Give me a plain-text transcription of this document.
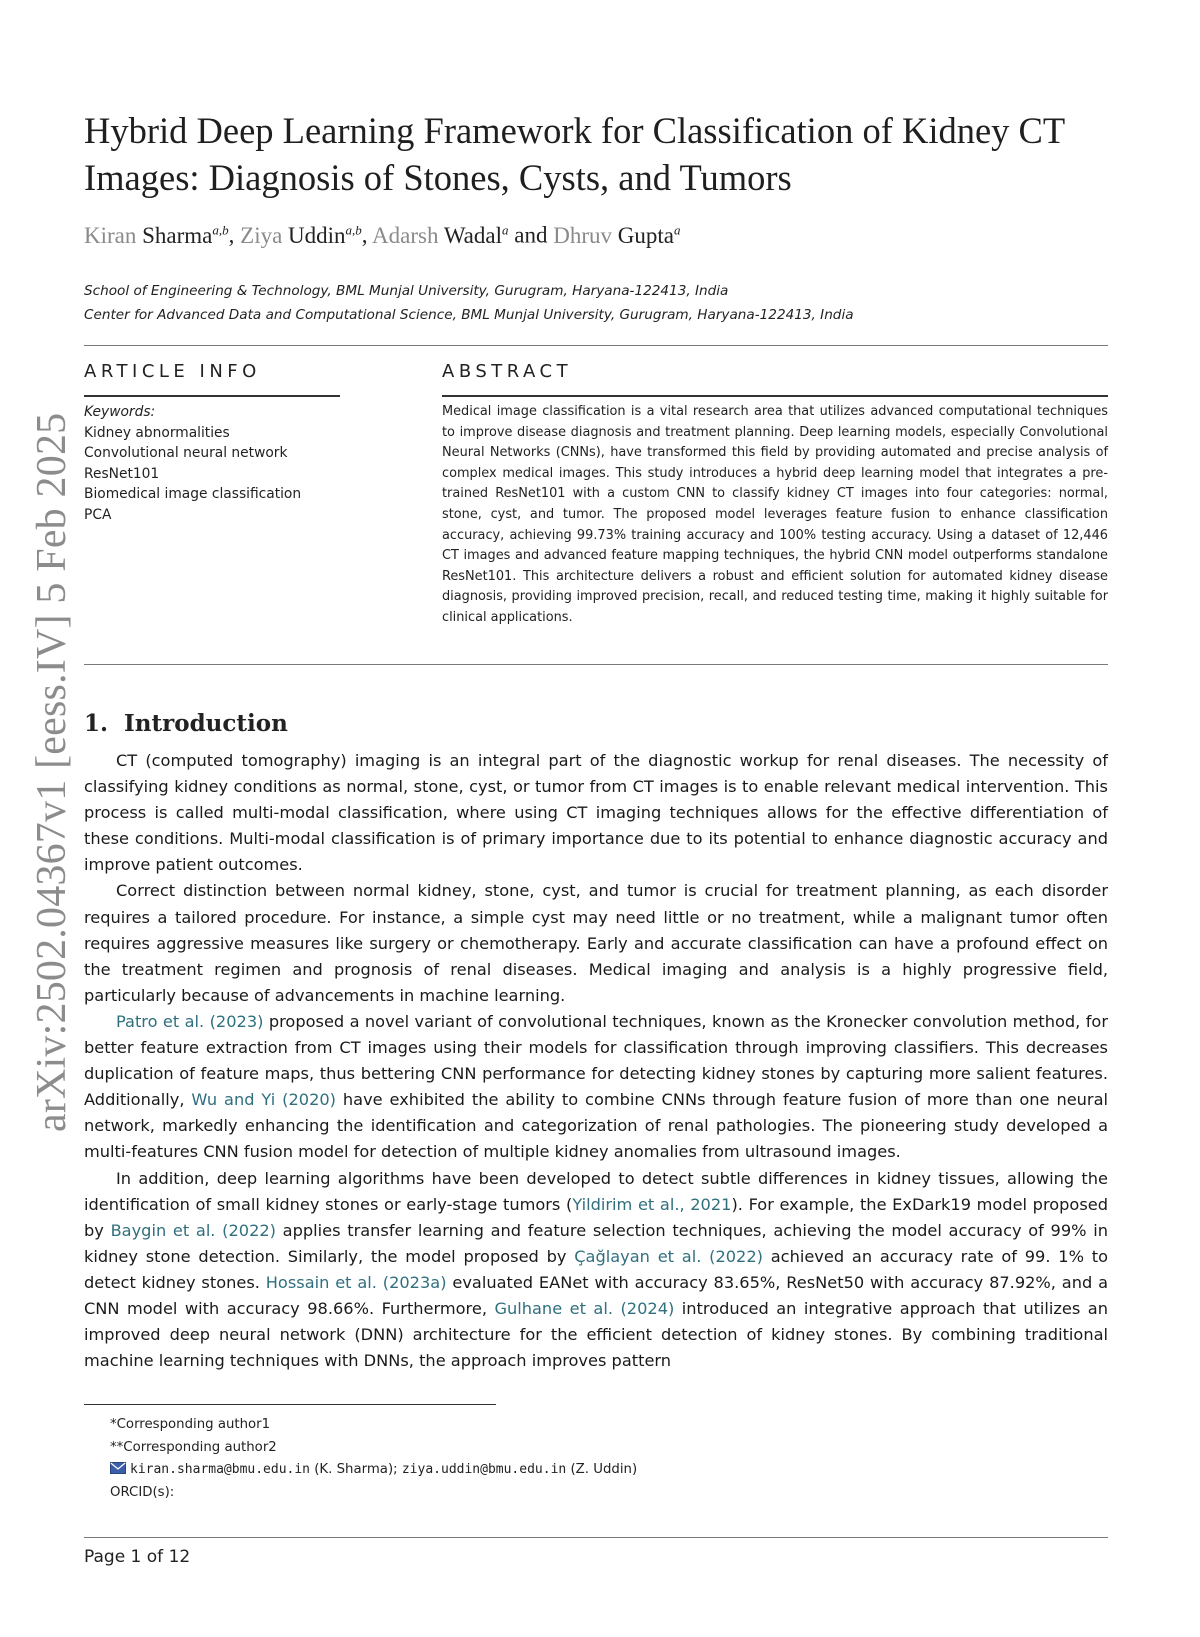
arXiv:2502.04367v1 [eess.IV] 5 Feb 2025
Hybrid Deep Learning Framework for Classification of Kidney CT Images: Diagnosis of Stones, Cysts, and Tumors
Kiran Sharma$^{a,b}$, Ziya Uddin$^{a,b}$, Adarsh Wadal$^a$ and Dhruv Gupta$^a$
School of Engineering & Technology, BML Munjal University, Gurugram, Haryana-122413, India
Center for Advanced Data and Computational Science, BML Munjal University, Gurugram, Haryana-122413, India
ARTICLE INFO
Keywords:
Kidney abnormalities
Convolutional neural network
ResNet101
Biomedical image classification
PCA
ABSTRACT

Medical image classification is a vital research area that utilizes advanced computational techniques to improve disease diagnosis and treatment planning. Deep learning models, especially Convolutional Neural Networks (CNNs), have transformed this field by providing automated and precise analysis of complex medical images. This study introduces a hybrid deep learning model that integrates a pre-trained ResNet101 with a custom CNN to classify kidney CT images into four categories: normal, stone, cyst, and tumor. The proposed model leverages feature fusion to enhance classification accuracy, achieving 99.73% training accuracy and 100% testing accuracy. Using a dataset of 12,446 CT images and advanced feature mapping techniques, the hybrid CNN model outperforms standalone ResNet101. This architecture delivers a robust and efficient solution for automated kidney disease diagnosis, providing improved precision, recall, and reduced testing time, making it highly suitable for clinical applications.

1. Introduction

CT (computed tomography) imaging is an integral part of the diagnostic workup for renal diseases. The necessity of classifying kidney conditions as normal, stone, cyst, or tumor from CT images is to enable relevant medical intervention. This process is called multi-modal classification, where using CT imaging techniques allows for the effective differentiation of these conditions. Multi-modal classification is of primary importance due to its potential to enhance diagnostic accuracy and improve patient outcomes.

Correct distinction between normal kidney, stone, cyst, and tumor is crucial for treatment planning, as each disorder requires a tailored procedure. For instance, a simple cyst may need little or no treatment, while a malignant tumor often requires aggressive measures like surgery or chemotherapy. Early and accurate classification can have a profound effect on the treatment regimen and prognosis of renal diseases. Medical imaging and analysis is a highly progressive field, particularly because of advancements in machine learning.

Patro et al. (2023) proposed a novel variant of convolutional techniques, known as the Kronecker convolution method, for better feature extraction from CT images using their models for classification through improving classifiers. This decreases duplication of feature maps, thus bettering CNN performance for detecting kidney stones by capturing more salient features. Additionally, Wu and Yi (2020) have exhibited the ability to combine CNNs through feature fusion of more than one neural network, markedly enhancing the identification and categorization of renal pathologies. The pioneering study developed a multi-features CNN fusion model for detection of multiple kidney anomalies from ultrasound images.

In addition, deep learning algorithms have been developed to detect subtle differences in kidney tissues, allowing the identification of small kidney stones or early-stage tumors (Yildirim et al., 2021). For example, the ExDark19 model proposed by Baygin et al. (2022) applies transfer learning and feature selection techniques, achieving the model accuracy of 99% in kidney stone detection. Similarly, the model proposed by Çağlayan et al. (2022) achieved an accuracy rate of 99. 1% to detect kidney stones. Hossain et al. (2023a) evaluated EANet with accuracy 83.65%, ResNet50 with accuracy 87.92%, and a CNN model with accuracy 98.66%. Furthermore, Gulhane et al. (2024) introduced an integrative approach that utilizes an improved deep neural network (DNN) architecture for the efficient detection of kidney stones. By combining traditional machine learning techniques with DNNs, the approach improves pattern

*Corresponding author1
**Corresponding author2
kiran.sharma@bmu.edu.in (K. Sharma); ziya.uddin@bmu.edu.in (Z. Uddin)
ORCID(s):
Page 1 of 12
